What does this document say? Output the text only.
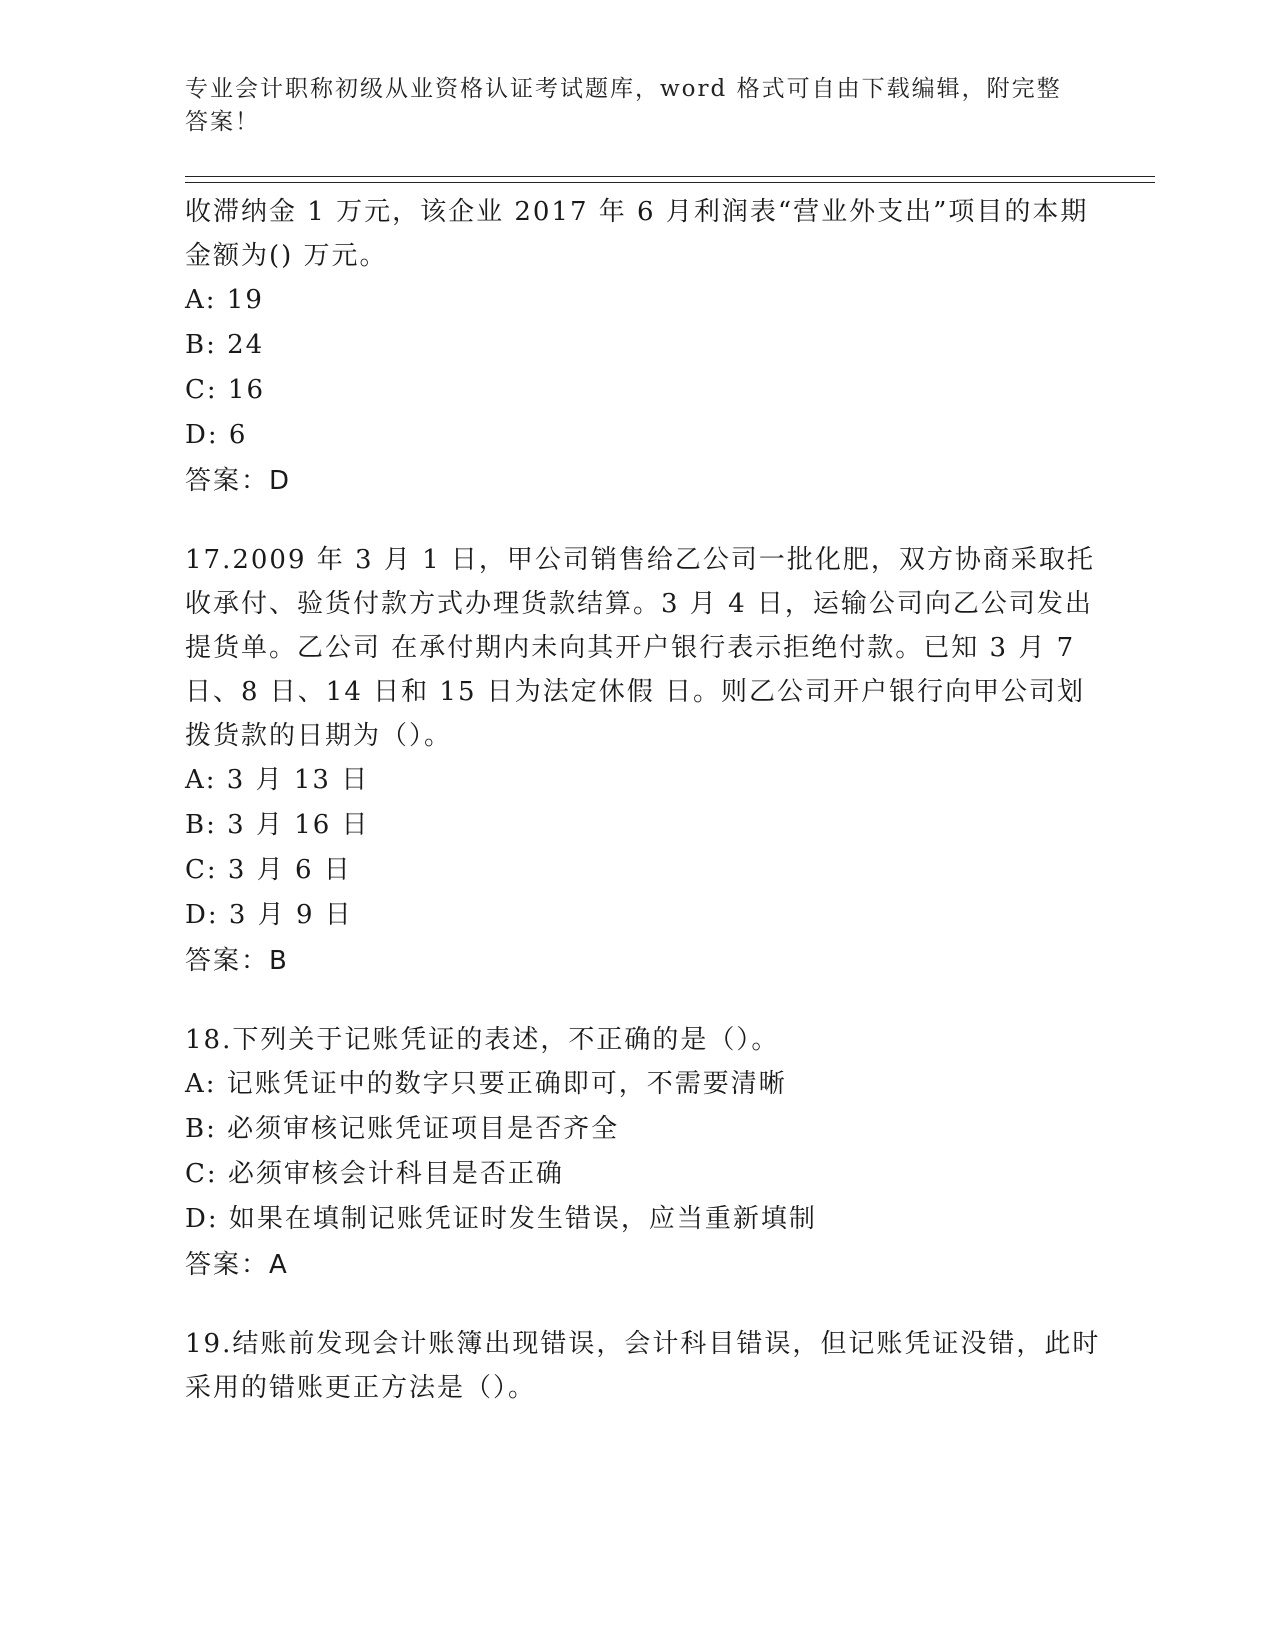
专业会计职称初级从业资格认证考试题库，word 格式可自由下载编辑，附完整答案！

收滞纳金 1 万元，该企业 2017 年 6 月利润表“营业外支出”项目的本期金额为() 万元。

A: 19
B: 24
C: 16
D: 6
答案：D

17.2009 年 3 月 1 日，甲公司销售给乙公司一批化肥，双方协商采取托收承付、验货付款方式办理货款结算。3 月 4 日，运输公司向乙公司发出提货单。乙公司 在承付期内未向其开户银行表示拒绝付款。已知 3 月 7 日、8 日、14 日和 15 日为法定休假 日。则乙公司开户银行向甲公司划拨货款的日期为（）。

A: 3 月 13 日
B: 3 月 16 日
C: 3 月 6 日
D: 3 月 9 日
答案：B

18.下列关于记账凭证的表述，不正确的是（）。

A: 记账凭证中的数字只要正确即可，不需要清晰
B: 必须审核记账凭证项目是否齐全
C: 必须审核会计科目是否正确
D: 如果在填制记账凭证时发生错误，应当重新填制
答案：A

19.结账前发现会计账簿出现错误，会计科目错误，但记账凭证没错，此时采用的错账更正方法是（）。
